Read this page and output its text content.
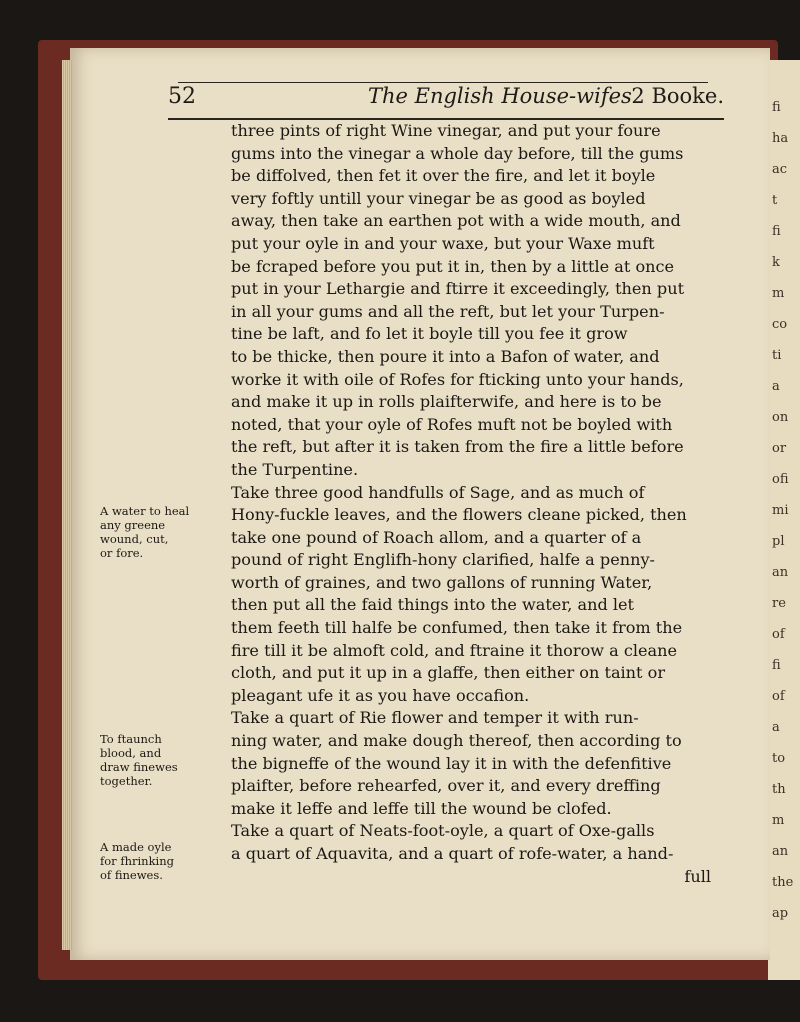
fi
ha
ac
t
fi
k
m
co
ti
a
on
or
ofi
mi
pl
an
re
of
fi
of
a
to
th
m
an
the
ap
52	The English House-wifes 2 Booke.
three pints of right Wine vinegar, and put your foure
gums into the vinegar a whole day before, till the gums
be diffolved, then fet it over the fire, and let it boyle
very foftly untill your vinegar be as good as boyled
away, then take an earthen pot with a wide mouth, and
put your oyle in and your waxe, but your Waxe muft
be fcraped before you put it in, then by a little at once
put in your Lethargie and ftirre it exceedingly, then put
in all your gums and all the reft, but let your Turpen-
tine be laft, and fo let it boyle till you fee it grow
to be thicke, then poure it into a Bafon of water, and
worke it with oile of Rofes for fticking unto your hands,
and make it up in rolls plaifterwife, and here is to be
noted, that your oyle of Rofes muft not be boyled with
the reft, but after it is taken from the fire a little before
the Turpentine.
Take three good handfulls of Sage, and as much of
Hony-fuckle leaves, and the flowers cleane picked, then
take one pound of Roach allom, and a quarter of a
pound of right Englifh-hony clarified, halfe a penny-
worth of graines, and two gallons of running Water,
then put all the faid things into the water, and let
them feeth till halfe be confumed, then take it from the
fire till it be almoft cold, and ftraine it thorow a cleane
cloth, and put it up in a glaffe, then either on taint or
pleagant ufe it as you have occafion.
Take a quart of Rie flower and temper it with run-
ning water, and make dough thereof, then according to
the bigneffe of the wound lay it in with the defenfitive
plaifter, before rehearfed, over it, and every dreffing
make it leffe and leffe till the wound be clofed.
Take a quart of Neats-foot-oyle, a quart of Oxe-galls
a quart of Aquavita, and a quart of rofe-water, a hand-
full
A water to heal
any greene
wound, cut,
or fore.
To ftaunch
blood, and
draw finewes
together.
A made oyle
for fhrinking
of finewes.
